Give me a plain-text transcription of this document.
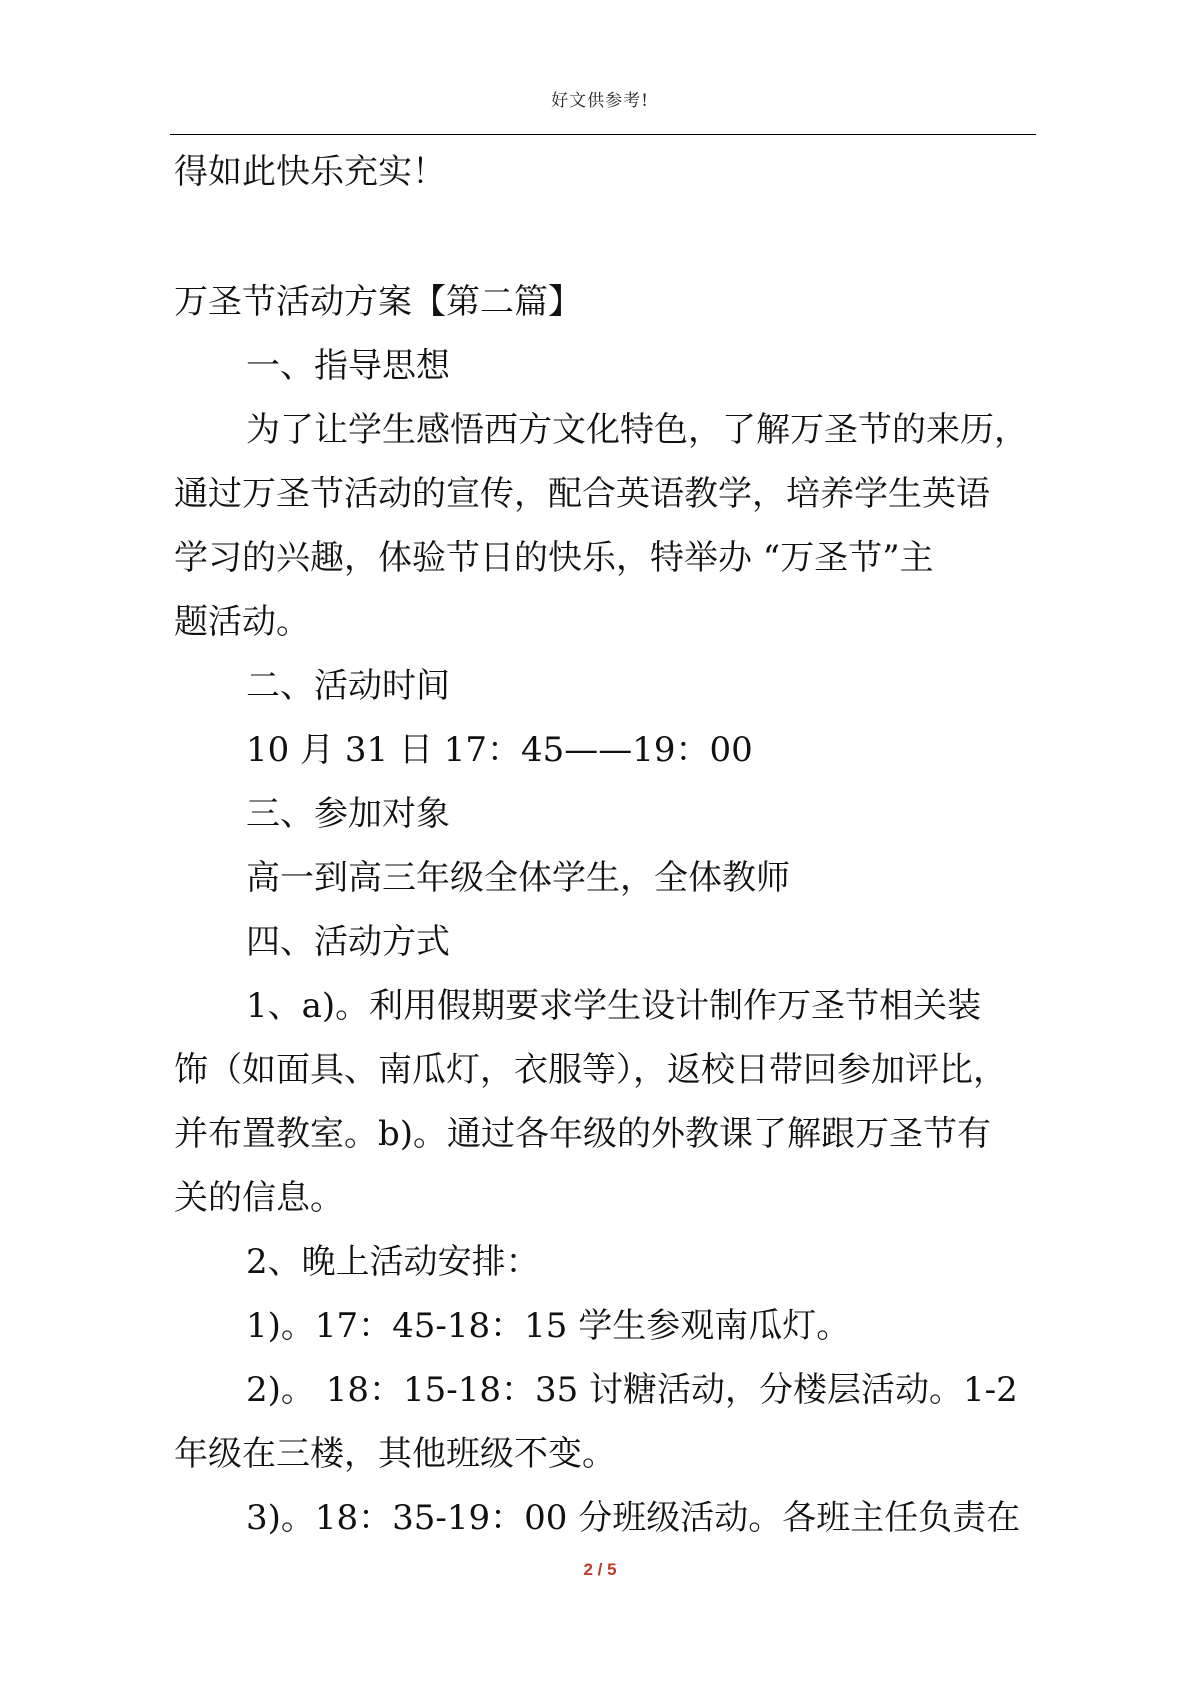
好文供参考!
得如此快乐充实！
万圣节活动方案【第二篇】
一、指导思想
为了让学生感悟西方文化特色，了解万圣节的来历，
通过万圣节活动的宣传，配合英语教学，培养学生英语
学习的兴趣，体验节日的快乐，特举办 “万圣节”主
题活动。
二、活动时间
10 月 31 日 17：45——19：00
三、参加对象
高一到高三年级全体学生，全体教师
四、活动方式
1、a)。利用假期要求学生设计制作万圣节相关装
饰（如面具、南瓜灯，衣服等），返校日带回参加评比，
并布置教室。b)。通过各年级的外教课了解跟万圣节有
关的信息。
2、晚上活动安排：
1)。17：45-18：15 学生参观南瓜灯。
2)。 18：15-18：35 讨糖活动，分楼层活动。1-2
年级在三楼，其他班级不变。
3)。18：35-19：00 分班级活动。各班主任负责在
2 / 5
